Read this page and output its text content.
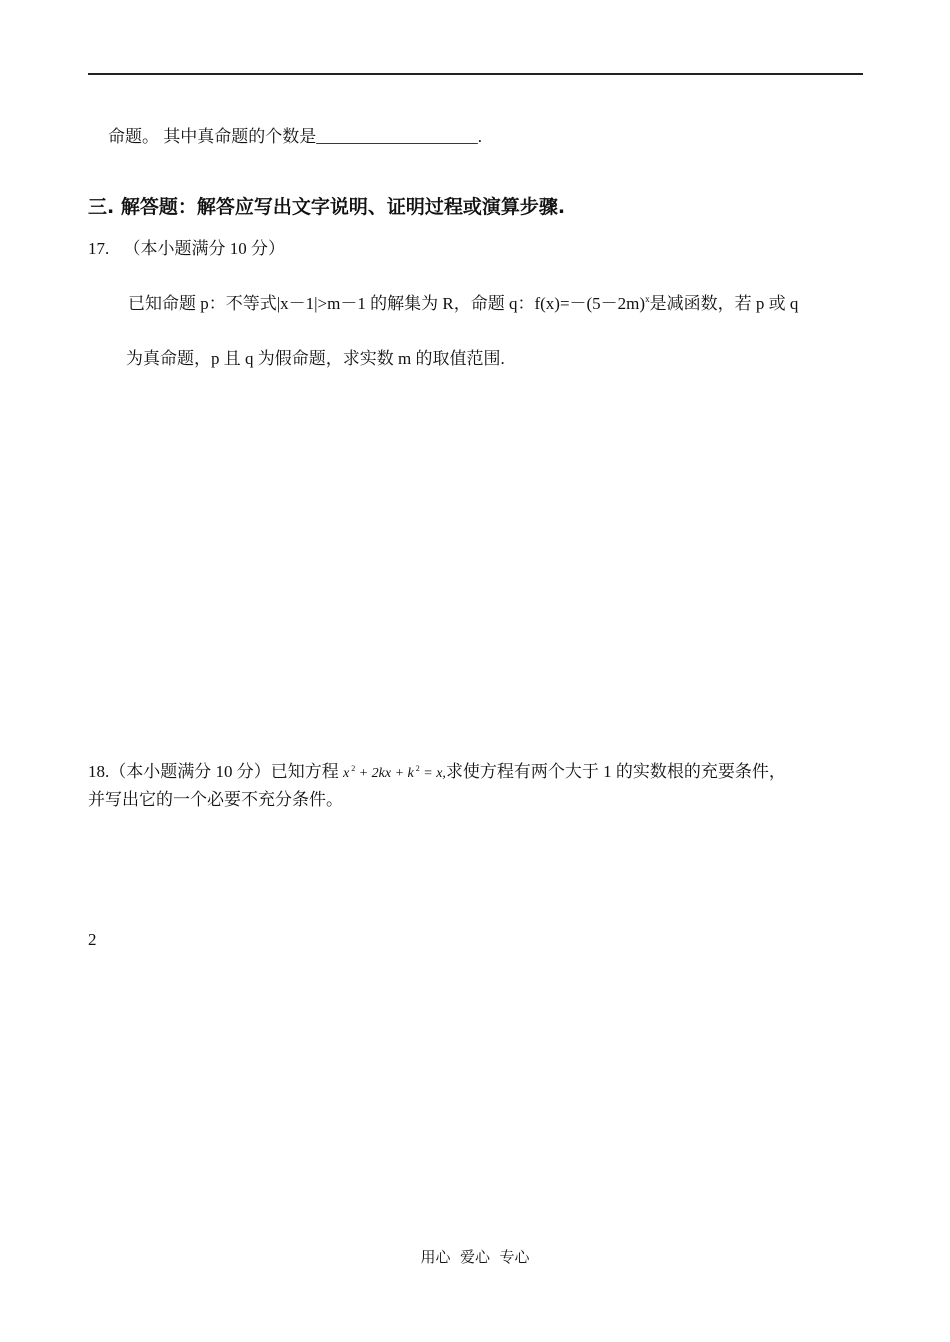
命题。 其中真命题的个数是___________________.
三. 解答题：解答应写出文字说明、证明过程或演算步骤.
17. （本小题满分 10 分）
已知命题 p：不等式|x－1|>m－1 的解集为 R，命题 q：$f(x)=-(5-2m)^x$是减函数，若 p 或 q
为真命题，p 且 q 为假命题，求实数 m 的取值范围.
18.（本小题满分 10 分）已知方程 x $^2$ + 2kx + k $^2$ = x,求使方程有两个大于 1 的实数根的充要条件，
并写出它的一个必要不充分条件。
2
用心  爱心  专心
